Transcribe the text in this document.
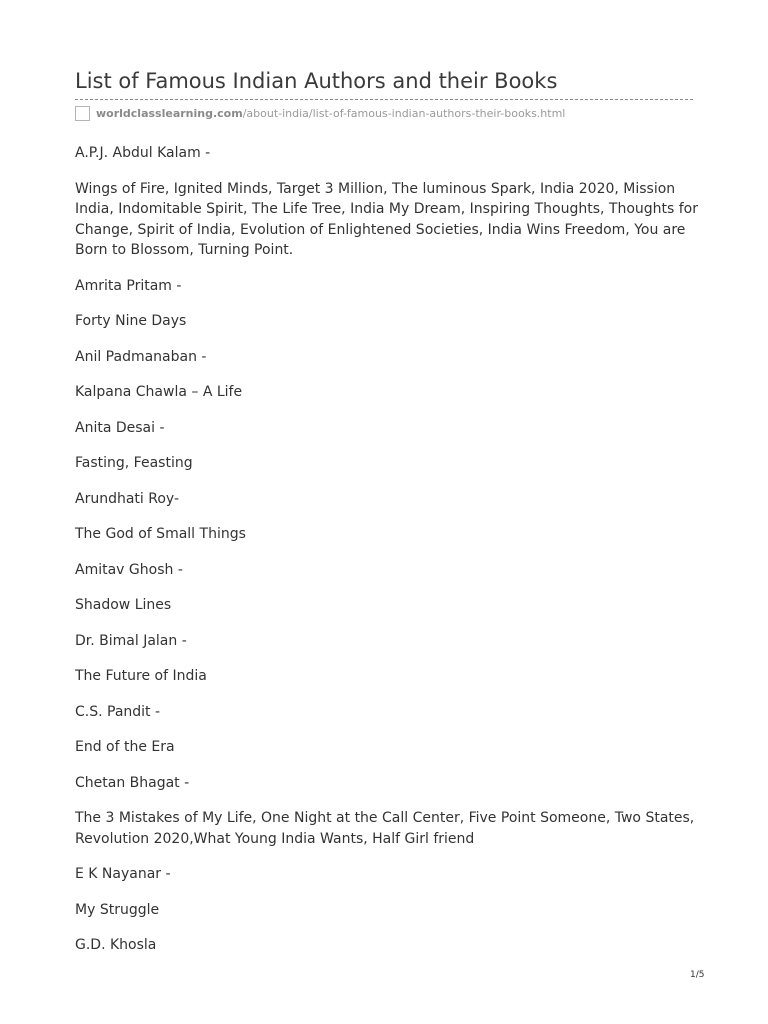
List of Famous Indian Authors and their Books
worldclasslearning.com/about-india/list-of-famous-indian-authors-their-books.html

A.P.J. Abdul Kalam -

Wings of Fire, Ignited Minds, Target 3 Million, The luminous Spark, India 2020, Mission India, Indomitable Spirit, The Life Tree, India My Dream, Inspiring Thoughts, Thoughts for Change, Spirit of India, Evolution of Enlightened Societies, India Wins Freedom, You are Born to Blossom, Turning Point.

Amrita Pritam -

Forty Nine Days

Anil Padmanaban -

Kalpana Chawla – A Life

Anita Desai -

Fasting, Feasting

Arundhati Roy-

The God of Small Things

Amitav Ghosh -

Shadow Lines

Dr. Bimal Jalan -

The Future of India

C.S. Pandit -

End of the Era

Chetan Bhagat -

The 3 Mistakes of My Life, One Night at the Call Center, Five Point Someone, Two States, Revolution 2020,What Young India Wants, Half Girl friend

E K Nayanar -

My Struggle

G.D. Khosla

1/5
